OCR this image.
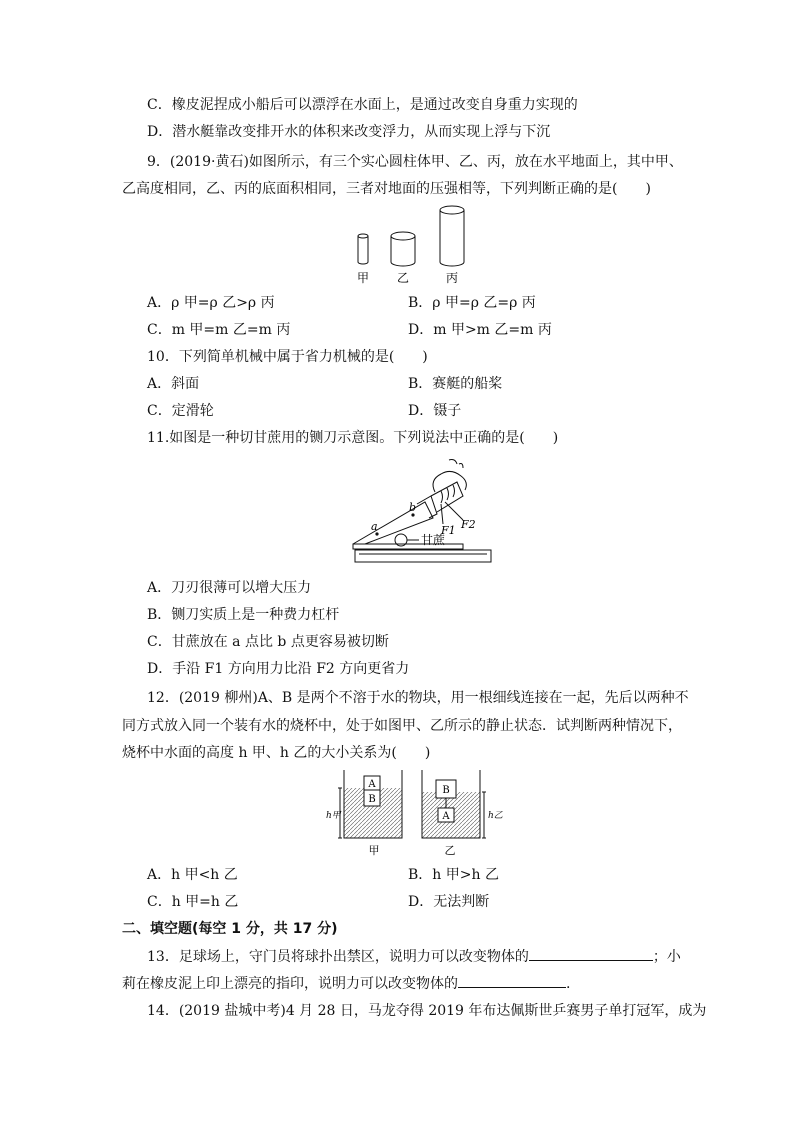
C．橡皮泥捏成小船后可以漂浮在水面上，是通过改变自身重力实现的
D．潜水艇靠改变排开水的体积来改变浮力，从而实现上浮与下沉
9．(2019·黄石)如图所示，有三个实心圆柱体甲、乙、丙，放在水平地面上，其中甲、
乙高度相同，乙、丙的底面积相同，三者对地面的压强相等，下列判断正确的是(　　)
甲 乙	丙
A．ρ 甲=ρ 乙>ρ 丙	B．ρ 甲=ρ 乙=ρ 丙
C．m 甲=m 乙=m 丙	D．m 甲>m 乙=m 丙
10．下列简单机械中属于省力机械的是(　　)
A．斜面	B．赛艇的船桨
C．定滑轮	D．镊子
11.如图是一种切甘蔗用的铡刀示意图。下列说法中正确的是(　　)
a
b
F1 F2
甘蔗
A．刀刃很薄可以增大压力
B．铡刀实质上是一种费力杠杆
C．甘蔗放在 a 点比 b 点更容易被切断
D．手沿 F1 方向用力比沿 F2 方向更省力
12．(2019 柳州)A、B 是两个不溶于水的物块，用一根细线连接在一起，先后以两种不
同方式放入同一个装有水的烧杯中，处于如图甲、乙所示的静止状态．试判断两种情况下，
烧杯中水面的高度 h 甲、h 乙的大小关系为(　　)
A
B
h甲
甲
B
A	h乙
乙
A．h 甲<h 乙	B．h 甲>h 乙
C．h 甲=h 乙	D．无法判断
二、填空题(每空 1 分，共 17 分)
13．足球场上，守门员将球扑出禁区，说明力可以改变物体的	；小
莉在橡皮泥上印上漂亮的指印，说明力可以改变物体的	.
14．(2019 盐城中考)4 月 28 日，马龙夺得 2019 年布达佩斯世乒赛男子单打冠军，成为
